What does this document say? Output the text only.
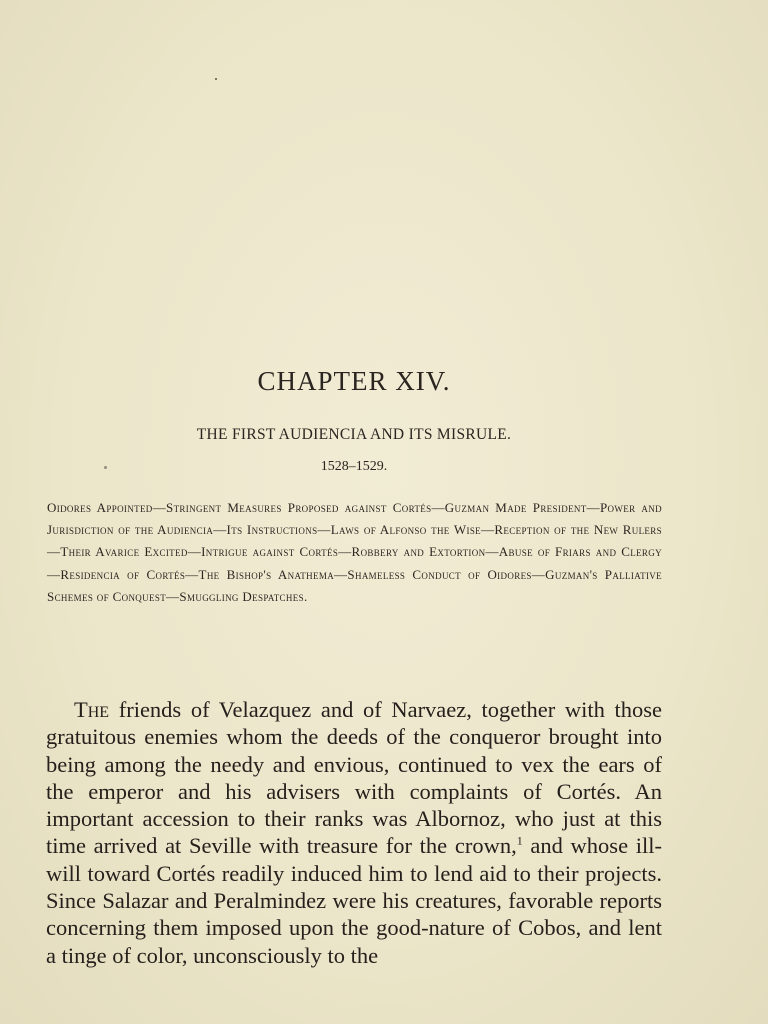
CHAPTER XIV.
THE FIRST AUDIENCIA AND ITS MISRULE.
1528–1529.

Oidores Appointed—Stringent Measures Proposed against Cortés—Guzman Made President—Power and Jurisdiction of the Audiencia—Its Instructions—Laws of Alfonso the Wise—Reception of the New Rulers—Their Avarice Excited—Intrigue against Cortés—Robbery and Extortion—Abuse of Friars and Clergy—Residencia of Cortés—The Bishop's Anathema—Shameless Conduct of Oidores—Guzman's Palliative Schemes of Conquest—Smuggling Despatches.

The friends of Velazquez and of Narvaez, together with those gratuitous enemies whom the deeds of the conqueror brought into being among the needy and envious, continued to vex the ears of the emperor and his advisers with complaints of Cortés. An important accession to their ranks was Albornoz, who just at this time arrived at Seville with treasure for the crown,$^1$ and whose ill-will toward Cortés readily induced him to lend aid to their projects. Since Salazar and Peralmindez were his creatures, favorable reports concerning them imposed upon the good-nature of Cobos, and lent a tinge of color, unconsciously to the
